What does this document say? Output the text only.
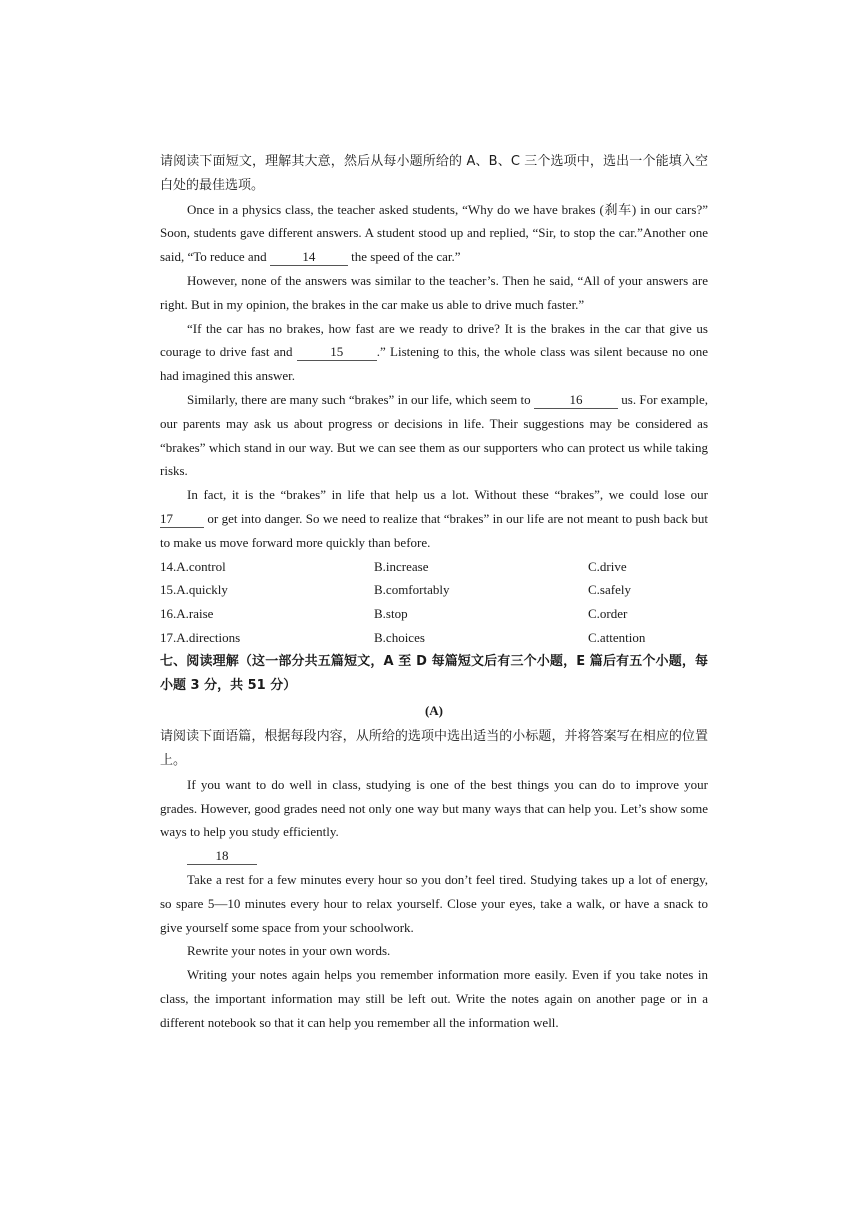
请阅读下面短文，理解其大意，然后从每小题所给的 A、B、C 三个选项中，选出一个能填入空白处的最佳选项。

Once in a physics class, the teacher asked students, “Why do we have brakes (刹车) in our cars?” Soon, students gave different answers. A student stood up and replied, “Sir, to stop the car.”Another one said, “To reduce and	14	the speed of the car.”

However, none of the answers was similar to the teacher’s. Then he said, “All of your answers are right. But in my opinion, the brakes in the car make us able to drive much faster.”

“If the car has no brakes, how fast are we ready to drive? It is the brakes in the car that give us courage to drive fast and	15	.” Listening to this, the whole class was silent because no one had imagined this answer.

Similarly, there are many such “brakes” in our life, which seem to	16	us. For example, our parents may ask us about progress or decisions in life. Their suggestions may be considered as “brakes” which stand in our way. But we can see them as our supporters who can protect us while taking risks.

In fact, it is the “brakes” in life that help us a lot. Without these “brakes”, we could lose our 17 or get into danger. So we need to realize that “brakes” in our life are not meant to push back but to make us move forward more quickly than before.

14.A.control	B.increase	C.drive
15.A.quickly	B.comfortably	C.safely
16.A.raise	B.stop	C.order
17.A.directions	B.choices	C.attention

七、阅读理解（这一部分共五篇短文，A 至 D 每篇短文后有三个小题，E 篇后有五个小题，每小题 3 分，共 51 分）

(A)

请阅读下面语篇，根据每段内容，从所给的选项中选出适当的小标题，并将答案写在相应的位置上。

If you want to do well in class, studying is one of the best things you can do to improve your grades. However, good grades need not only one way but many ways that can help you. Let’s show some ways to help you study efficiently.

18

Take a rest for a few minutes every hour so you don’t feel tired. Studying takes up a lot of energy, so spare 5—10 minutes every hour to relax yourself. Close your eyes, take a walk, or have a snack to give yourself some space from your schoolwork.

Rewrite your notes in your own words.

Writing your notes again helps you remember information more easily. Even if you take notes in class, the important information may still be left out. Write the notes again on another page or in a different notebook so that it can help you remember all the information well.
